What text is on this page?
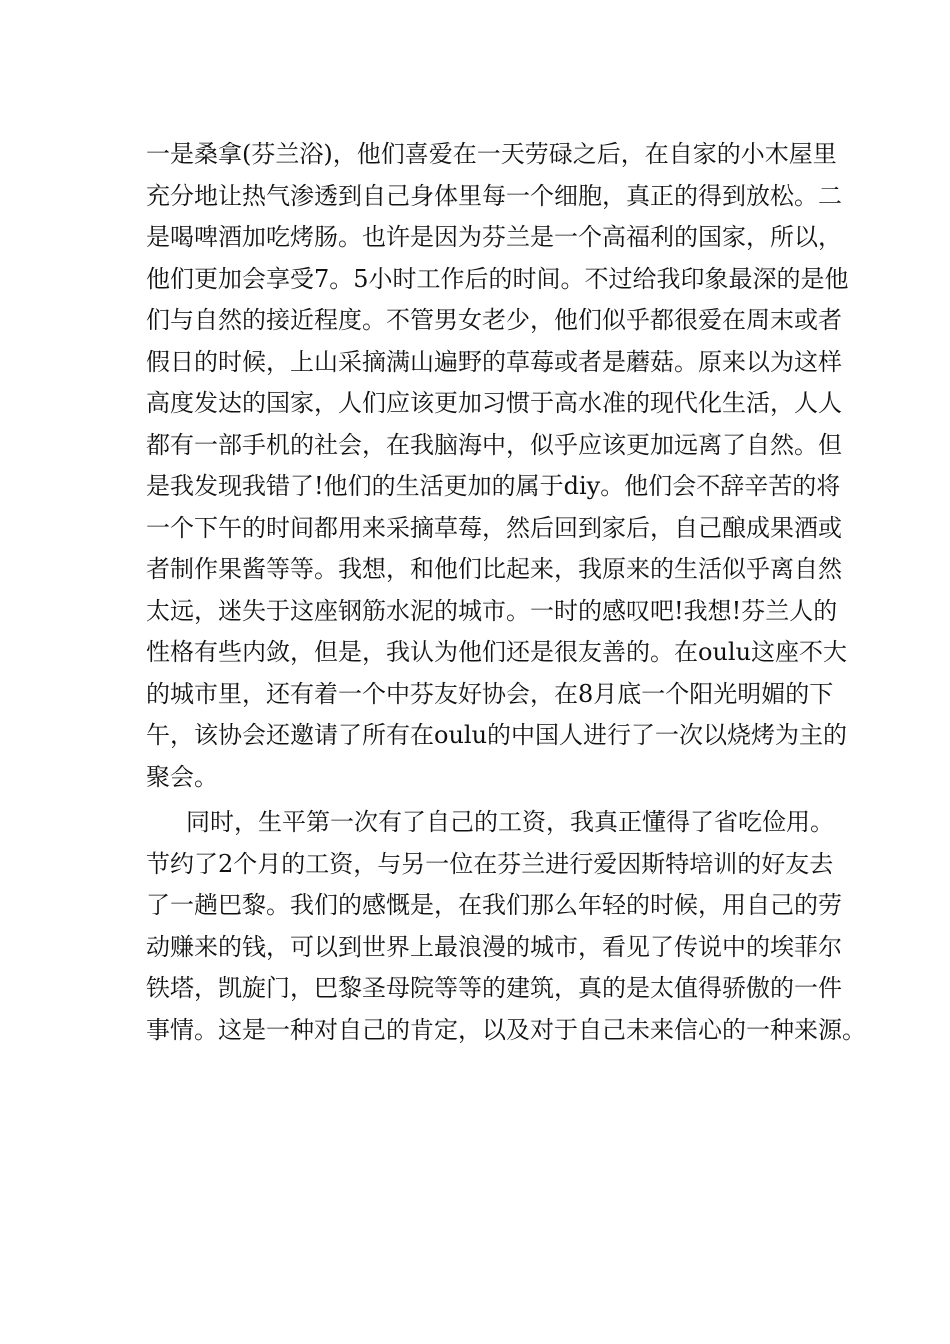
一是桑拿(芬兰浴)，他们喜爱在一天劳碌之后，在自家的小木屋里
充分地让热气渗透到自己身体里每一个细胞，真正的得到放松。二
是喝啤酒加吃烤肠。也许是因为芬兰是一个高福利的国家，所以，
他们更加会享受7。5小时工作后的时间。不过给我印象最深的是他
们与自然的接近程度。不管男女老少，他们似乎都很爱在周末或者
假日的时候，上山采摘满山遍野的草莓或者是蘑菇。原来以为这样
高度发达的国家，人们应该更加习惯于高水准的现代化生活，人人
都有一部手机的社会，在我脑海中，似乎应该更加远离了自然。但
是我发现我错了!他们的生活更加的属于diy。他们会不辞辛苦的将
一个下午的时间都用来采摘草莓，然后回到家后，自己酿成果酒或
者制作果酱等等。我想，和他们比起来，我原来的生活似乎离自然
太远，迷失于这座钢筋水泥的城市。一时的感叹吧!我想!芬兰人的
性格有些内敛，但是，我认为他们还是很友善的。在oulu这座不大
的城市里，还有着一个中芬友好协会，在8月底一个阳光明媚的下
午，该协会还邀请了所有在oulu的中国人进行了一次以烧烤为主的
聚会。
同时，生平第一次有了自己的工资，我真正懂得了省吃俭用。
节约了2个月的工资，与另一位在芬兰进行爱因斯特培训的好友去
了一趟巴黎。我们的感慨是，在我们那么年轻的时候，用自己的劳
动赚来的钱，可以到世界上最浪漫的城市，看见了传说中的埃菲尔
铁塔，凯旋门，巴黎圣母院等等的建筑，真的是太值得骄傲的一件
事情。这是一种对自己的肯定，以及对于自己未来信心的一种来源。
